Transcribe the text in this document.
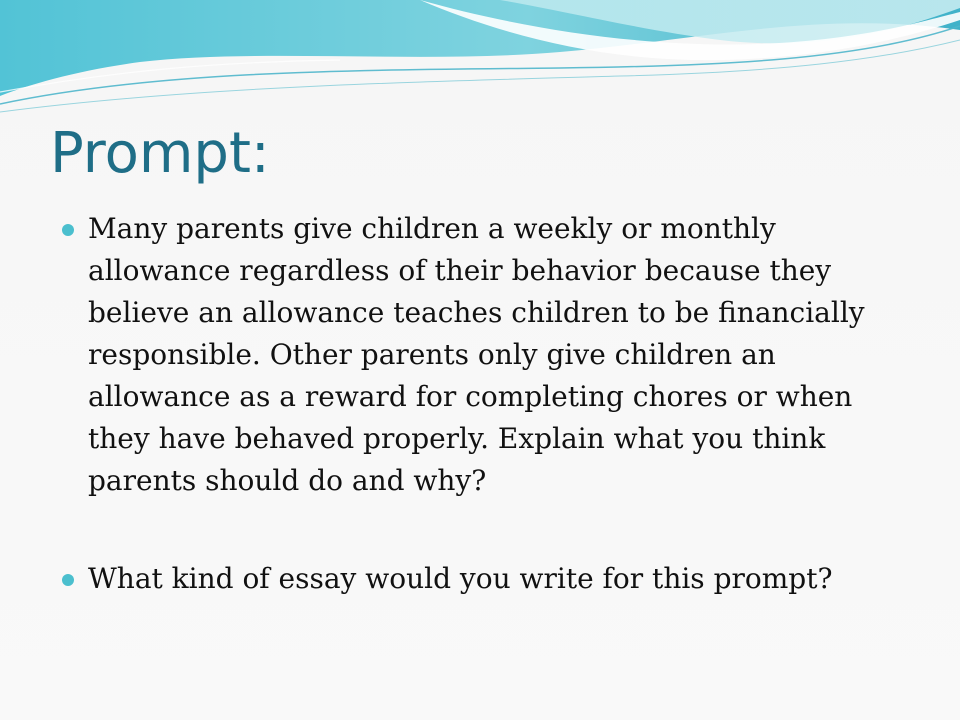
Prompt:
Many parents give children a weekly or monthly
allowance regardless of their behavior because they
believe an allowance teaches children to be financially
responsible. Other parents only give children an
allowance as a reward for completing chores or when
they have behaved properly. Explain what you think
parents should do and why?
What kind of essay would you write for this prompt?
